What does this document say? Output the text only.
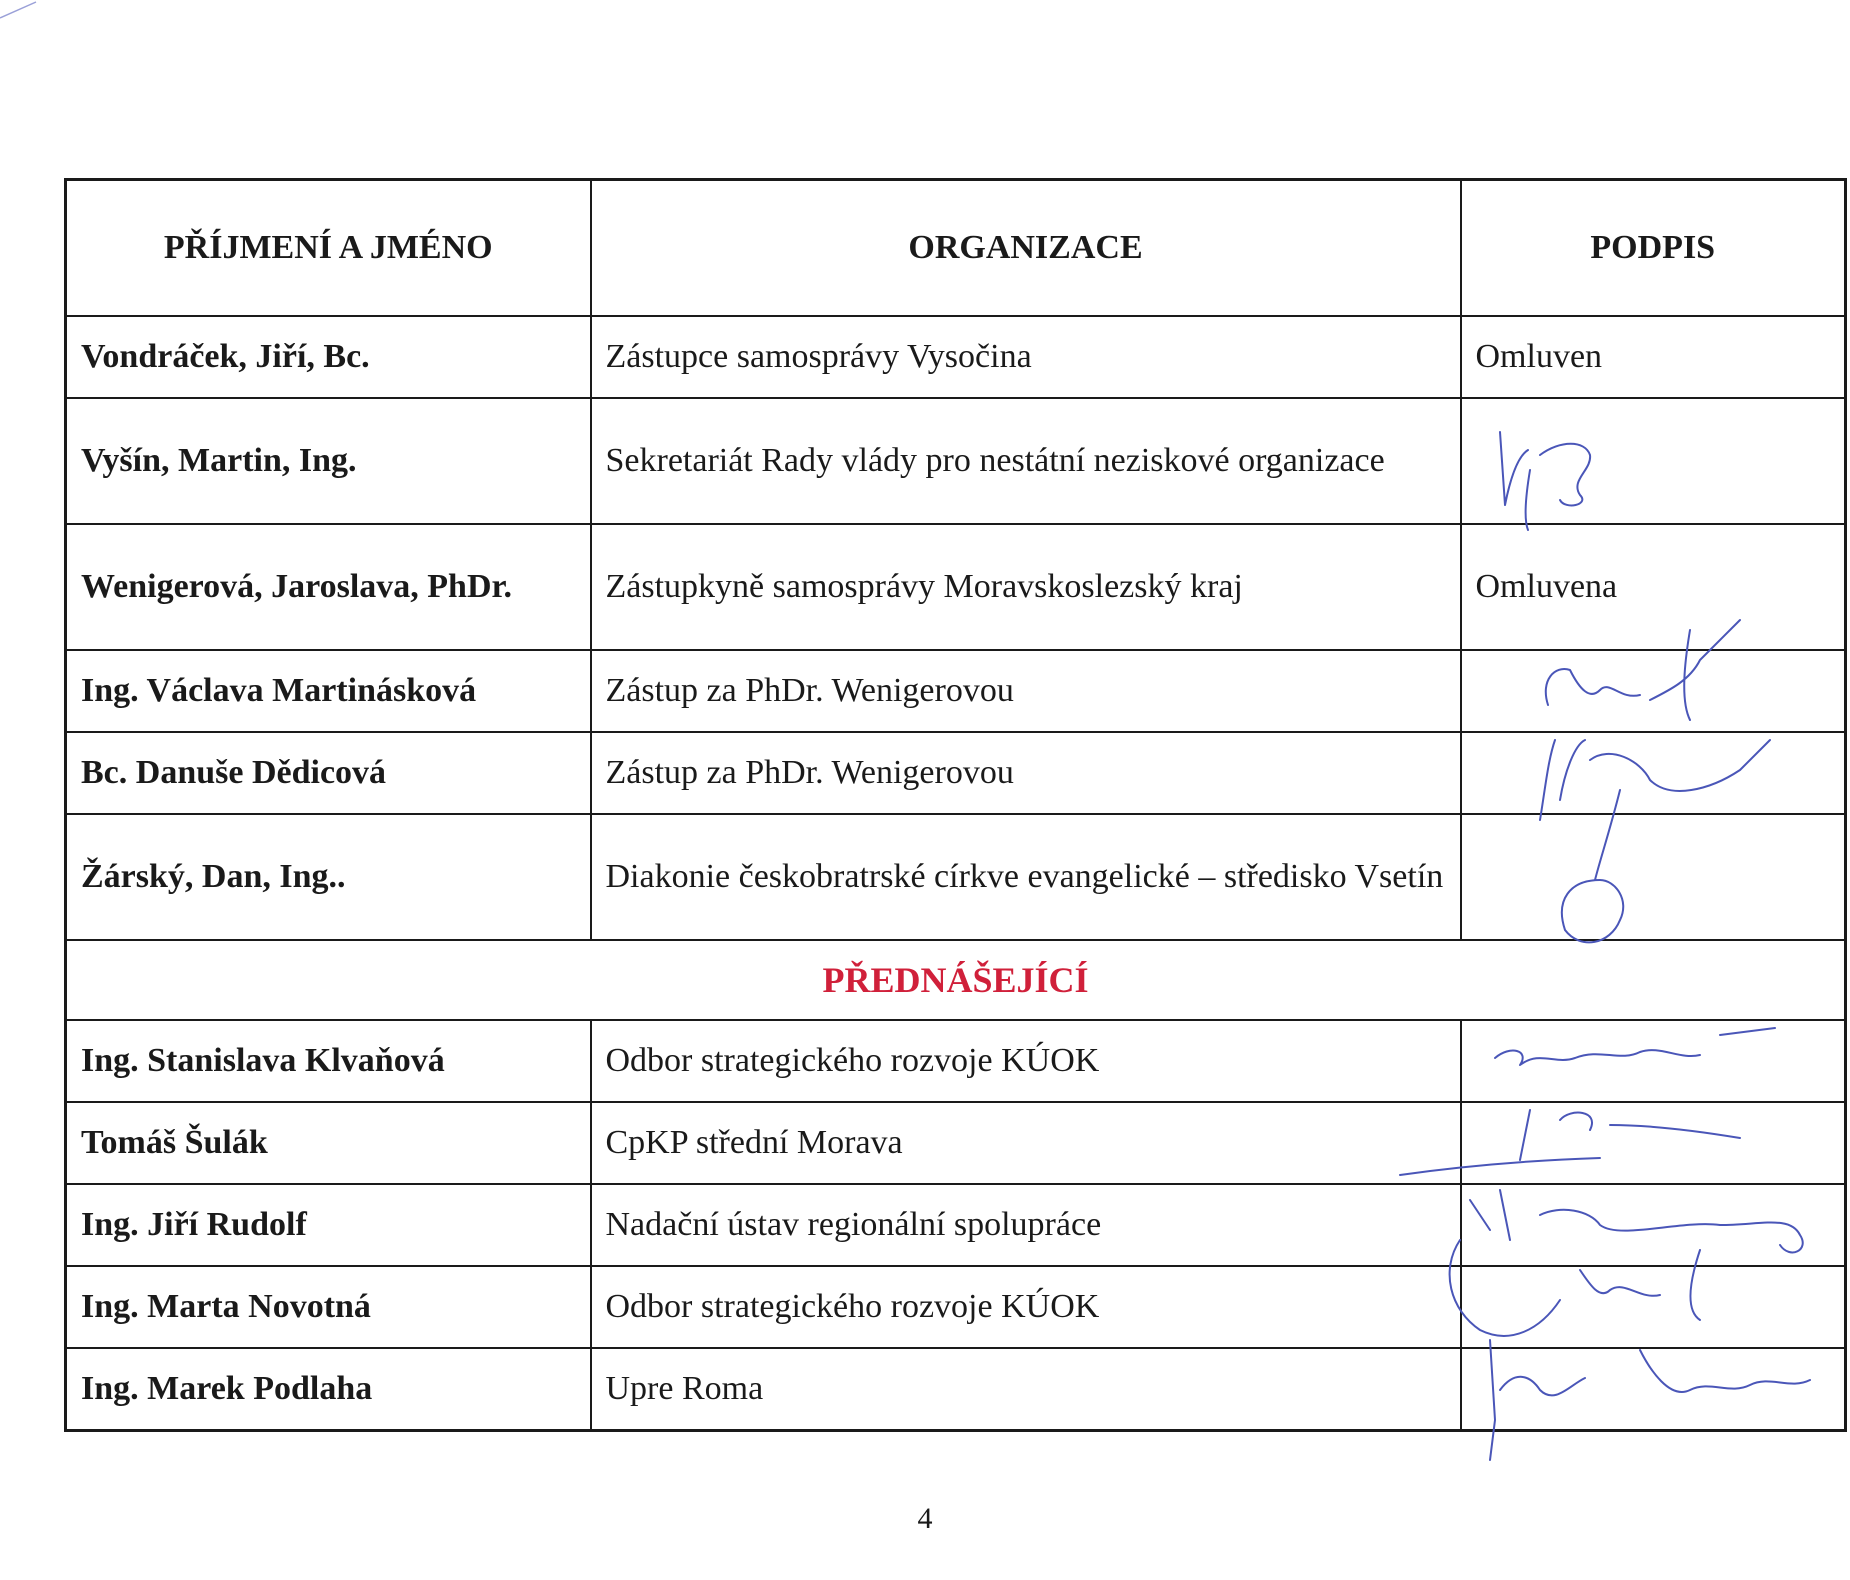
PŘÍJMENÍ A JMÉNO	ORGANIZACE	PODPIS
Vondráček, Jiří, Bc.	Zástupce samosprávy Vysočina	Omluven
Vyšín, Martin, Ing.	Sekretariát Rady vlády pro nestátní neziskové organizace	
Wenigerová, Jaroslava, PhDr.	Zástupkyně samosprávy Moravskoslezský kraj	Omluvena
Ing. Václava Martinásková	Zástup za PhDr. Wenigerovou	
Bc. Danuše Dědicová	Zástup za PhDr. Wenigerovou	
Žárský, Dan, Ing..	Diakonie českobratrské církve evangelické – středisko Vsetín	
PŘEDNÁŠEJÍCÍ		
Ing. Stanislava Klvaňová	Odbor strategického rozvoje KÚOK	
Tomáš Šulák	CpKP střední Morava	
Ing. Jiří Rudolf	Nadační ústav regionální spolupráce	
Ing. Marta Novotná	Odbor strategického rozvoje KÚOK	
Ing. Marek Podlaha	Upre Roma	
4
